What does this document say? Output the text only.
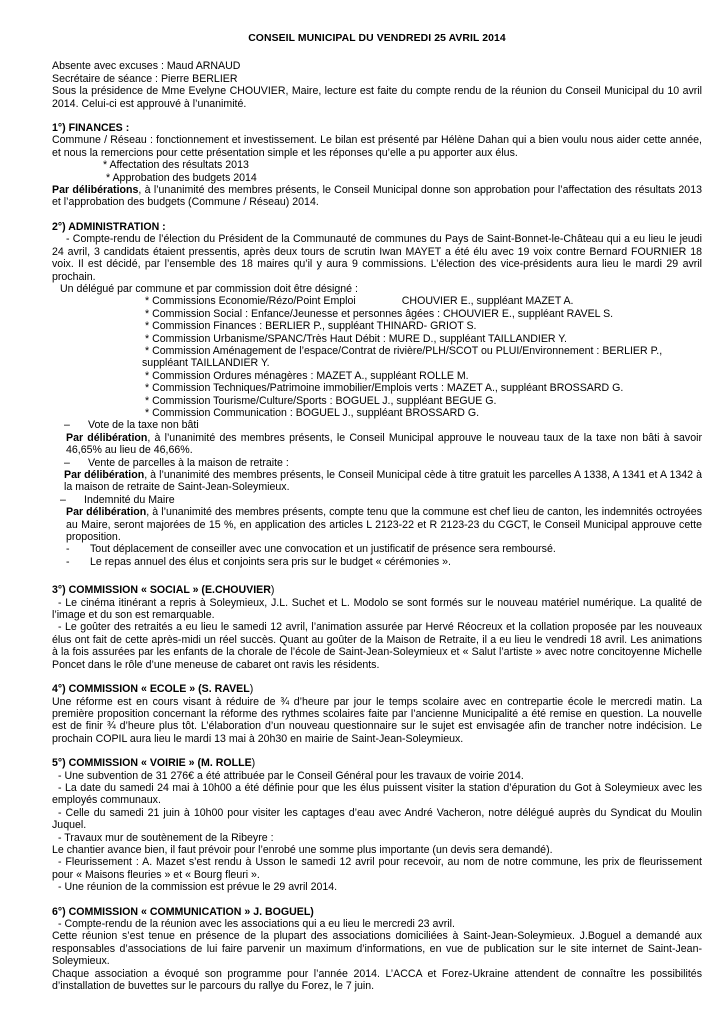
CONSEIL MUNICIPAL DU VENDREDI 25 AVRIL 2014

Absente avec excuses : Maud ARNAUD

Secrétaire de séance : Pierre BERLIER

Sous la présidence de Mme Evelyne CHOUVIER, Maire, lecture est faite du compte rendu de la réunion du Conseil Municipal du 10 avril 2014. Celui-ci est approuvé à l’unanimité.

1°) FINANCES :

Commune / Réseau : fonctionnement et investissement. Le bilan est présenté par Hélène Dahan qui a bien voulu nous aider cette année, et nous la remercions pour cette présentation simple et les réponses qu’elle a pu apporter aux élus.

* Affectation des résultats 2013

* Approbation des budgets 2014

Par délibérations, à l’unanimité des membres présents, le Conseil Municipal donne son approbation pour l’affectation des résultats 2013 et l’approbation des budgets (Commune / Réseau) 2014.

2°) ADMINISTRATION :

- Compte-rendu de l’élection du Président de la Communauté de communes du Pays de Saint-Bonnet-le-Château qui a eu lieu le jeudi 24 avril, 3 candidats étaient pressentis, après deux tours de scrutin Iwan MAYET a été élu avec 19 voix contre Bernard FOURNIER 18 voix. Il est décidé, par l’ensemble des 18 maires qu’il y aura 9 commissions. L’élection des vice-présidents aura lieu le mardi 29 avril prochain.

Un délégué par commune et par commission doit être désigné :

* Commissions Economie/Rézo/Point Emploi	CHOUVIER E., suppléant MAZET A.

* Commission Social : Enfance/Jeunesse et personnes âgées : CHOUVIER E., suppléant RAVEL S.

* Commission Finances : BERLIER P., suppléant THINARD- GRIOT S.

* Commission Urbanisme/SPANC/Très Haut Débit : MURE D., suppléant TAILLANDIER Y.

* Commission Aménagement de l’espace/Contrat de rivière/PLH/SCOT ou PLUI/Environnement : BERLIER P., suppléant TAILLANDIER Y.

* Commission Ordures ménagères : MAZET A., suppléant ROLLE M.

* Commission Techniques/Patrimoine immobilier/Emplois verts : MAZET A., suppléant BROSSARD G.

* Commission Tourisme/Culture/Sports : BOGUEL J., suppléant BEGUE G.

* Commission Communication : BOGUEL J., suppléant BROSSARD G.

– Vote de la taxe non bâti

Par délibération, à l’unanimité des membres présents, le Conseil Municipal approuve le nouveau taux de la taxe non bâti à savoir 46,65% au lieu de 46,66%.

– Vente de parcelles à la maison de retraite :

Par délibération, à l’unanimité des membres présents, le Conseil Municipal cède à titre gratuit les parcelles A 1338, A 1341 et A 1342 à la maison de retraite de Saint-Jean-Soleymieux.

– Indemnité du Maire

Par délibération, à l’unanimité des membres présents, compte tenu que la commune est chef lieu de canton, les indemnités octroyées au Maire, seront majorées de 15 %, en application des articles L 2123-22 et R 2123-23 du CGCT, le Conseil Municipal approuve cette proposition.

- Tout déplacement de conseiller avec une convocation et un justificatif de présence sera remboursé.

- Le repas annuel des élus et conjoints sera pris sur le budget « cérémonies ».

3°) COMMISSION « SOCIAL » (E.CHOUVIER)

- Le cinéma itinérant a repris à Soleymieux, J.L. Suchet et L. Modolo se sont formés sur le nouveau matériel numérique. La qualité de l’image et du son est remarquable.

- Le goûter des retraités a eu lieu le samedi 12 avril, l’animation assurée par Hervé Réocreux et la collation proposée par les nouveaux élus ont fait de cette après-midi un réel succès. Quant au goûter de la Maison de Retraite, il a eu lieu le vendredi 18 avril. Les animations à la fois assurées par les enfants de la chorale de l’école de Saint-Jean-Soleymieux et « Salut l’artiste » avec notre concitoyenne Michelle Poncet dans le rôle d’une meneuse de cabaret ont ravis les résidents.

4°) COMMISSION « ECOLE » (S. RAVEL)

Une réforme est en cours visant à réduire de ¾ d’heure par jour le temps scolaire avec en contrepartie école le mercredi matin. La première proposition concernant la réforme des rythmes scolaires faite par l’ancienne Municipalité a été remise en question. La nouvelle est de finir ¾ d’heure plus tôt. L’élaboration d’un nouveau questionnaire sur le sujet est envisagée afin de trancher notre indécision. Le prochain COPIL aura lieu le mardi 13 mai à 20h30 en mairie de Saint-Jean-Soleymieux.

5°) COMMISSION « VOIRIE » (M. ROLLE)

- Une subvention de 31 276€ a été attribuée par le Conseil Général pour les travaux de voirie 2014.

- La date du samedi 24 mai à 10h00 a été définie pour que les élus puissent visiter la station d’épuration du Got à Soleymieux avec les employés communaux.

- Celle du samedi 21 juin à 10h00 pour visiter les captages d’eau avec André Vacheron, notre délégué auprès du Syndicat du Moulin Juquel.

- Travaux mur de soutènement de la Ribeyre :

Le chantier avance bien, il faut prévoir pour l’enrobé une somme plus importante (un devis sera demandé).

- Fleurissement : A. Mazet s’est rendu à Usson le samedi 12 avril pour recevoir, au nom de notre commune, les prix de fleurissement pour « Maisons fleuries » et « Bourg fleuri ».

- Une réunion de la commission est prévue le 29 avril 2014.

6°) COMMISSION « COMMUNICATION » J. BOGUEL)

- Compte-rendu de la réunion avec les associations qui a eu lieu le mercredi 23 avril.

Cette réunion s’est tenue en présence de la plupart des associations domiciliées à Saint-Jean-Soleymieux. J.Boguel a demandé aux responsables d’associations de lui faire parvenir un maximum d’informations, en vue de publication sur le site internet de Saint-Jean-Soleymieux.

Chaque association a évoqué son programme pour l’année 2014. L’ACCA et Forez-Ukraine attendent de connaître les possibilités d’installation de buvettes sur le parcours du rallye du Forez, le 7 juin.
